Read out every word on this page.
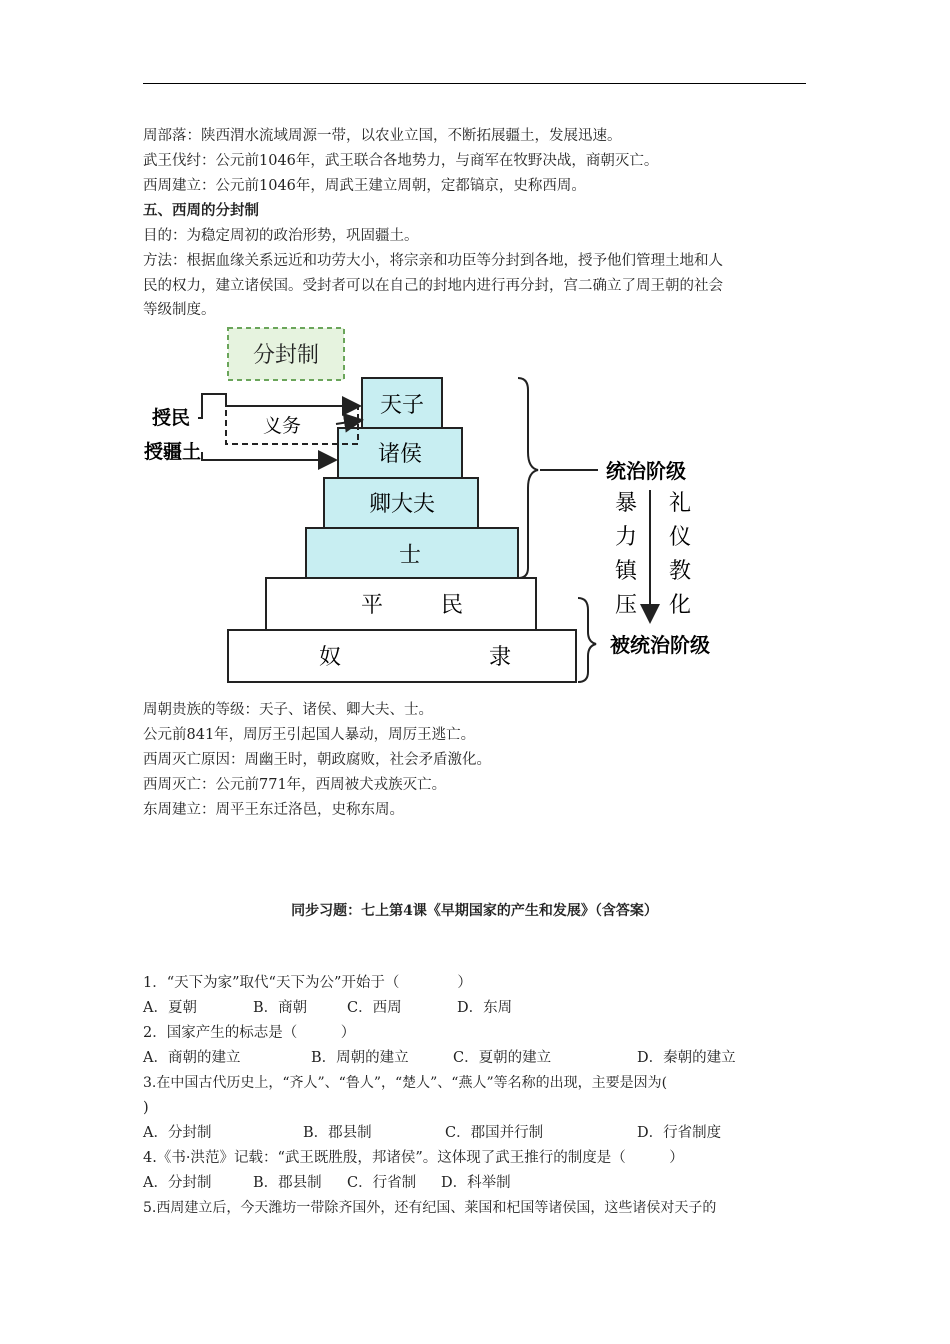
周部落：陕西渭水流域周源一带，以农业立国，不断拓展疆土，发展迅速。
武王伐纣：公元前1046年，武王联合各地势力，与商军在牧野决战，商朝灭亡。
西周建立：公元前1046年，周武王建立周朝，定都镐京，史称西周。
五、西周的分封制
目的：为稳定周初的政治形势，巩固疆土。
方法：根据血缘关系远近和功劳大小，将宗亲和功臣等分封到各地，授予他们管理土地和人
民的权力，建立诸侯国。受封者可以在自己的封地内进行再分封，宫二确立了周王朝的社会
等级制度。
分封制
天子
诸侯
卿大夫
士
平	民
奴	隶
授民
授疆土
义务
统治阶级
被统治阶级
暴
力
镇
压
礼
仪
教
化
周朝贵族的等级：天子、诸侯、卿大夫、士。
公元前841年，周厉王引起国人暴动，周厉王逃亡。
西周灭亡原因：周幽王时，朝政腐败，社会矛盾激化。
西周灭亡：公元前771年，西周被犬戎族灭亡。
东周建立：周平王东迁洛邑，史称东周。
同步习题：七上第4课《早期国家的产生和发展》（含答案）
1．“天下为家”取代“天下为公”开始于（　　　　）
A．夏朝	B．商朝	C．西周	D．东周
2．国家产生的标志是（　　　）
A．商朝的建立	B．周朝的建立	C．夏朝的建立	D．秦朝的建立
3.在中国古代历史上，“齐人”、“鲁人”，“楚人”、“燕人”等名称的出现，主要是因为(
)
A．分封制	B．郡县制	C．郡国并行制	D．行省制度
4.《书·洪范》记载：“武王既胜殷，邦诸侯”。这体现了武王推行的制度是（　　　）
A．分封制	B．郡县制 C．行省制 D．科举制
5.西周建立后，今天潍坊一带除齐国外，还有纪国、莱国和杞国等诸侯国，这些诸侯对天子的
